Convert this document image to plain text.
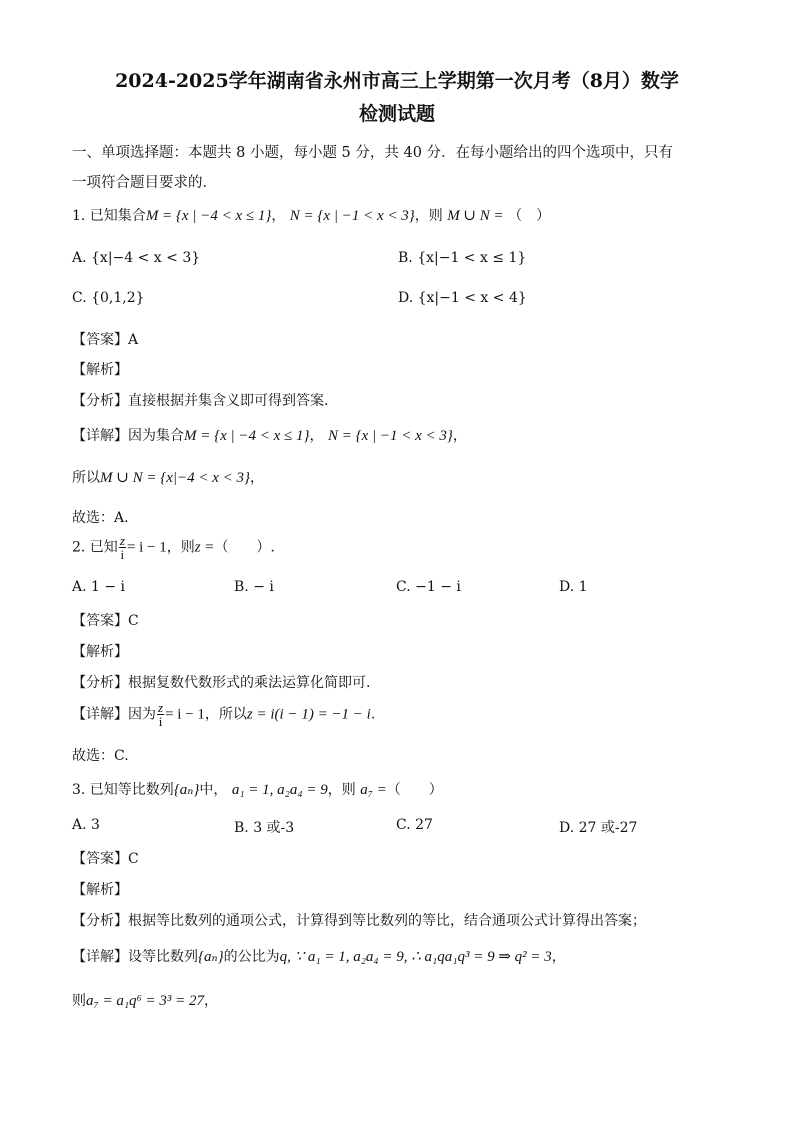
2024-2025学年湖南省永州市高三上学期第一次月考（8月）数学
检测试题
一、单项选择题：本题共 8 小题，每小题 5 分，共 40 分．在每小题给出的四个选项中，只有
一项符合题目要求的．
1. 已知集合M = {x | −4 < x ≤ 1}， N = {x | −1 < x < 3}，则 M ∪ N = （　）
A. {x|−4 < x < 3}	B. {x|−1 < x ≤ 1}
C. {0,1,2}	D. {x|−1 < x < 4}
【答案】A
【解析】
【分析】直接根据并集含义即可得到答案.
【详解】因为集合M = {x | −4 < x ≤ 1}， N = {x | −1 < x < 3}，
所以M ∪ N = {x|−4 < x < 3}，
故选：A.
2. 已知 $\frac{z}{i} = i - 1$，则z =（　　）.
A. 1 − i	B. − i	C. −1 − i	D. 1
【答案】C
【解析】
【分析】根据复数代数形式的乘法运算化简即可.
【详解】因为 $\frac{z}{i} = i - 1$，所以z = i(i − 1) = −1 − i.
故选：C.
3. 已知等比数列{aₙ}中， a₁ = 1, a₂a₄ = 9，则 a₇ =（　　）
A. 3	B. 3 或-3	C. 27	D. 27 或-27
【答案】C
【解析】
【分析】根据等比数列的通项公式，计算得到等比数列的等比，结合通项公式计算得出答案；
【详解】设等比数列{aₙ}的公比为q, ∵ a₁ = 1, a₂a₄ = 9, ∴ a₁qa₁q³ = 9 ⇒ q² = 3，
则a₇ = a₁q⁶ = 3³ = 27，
